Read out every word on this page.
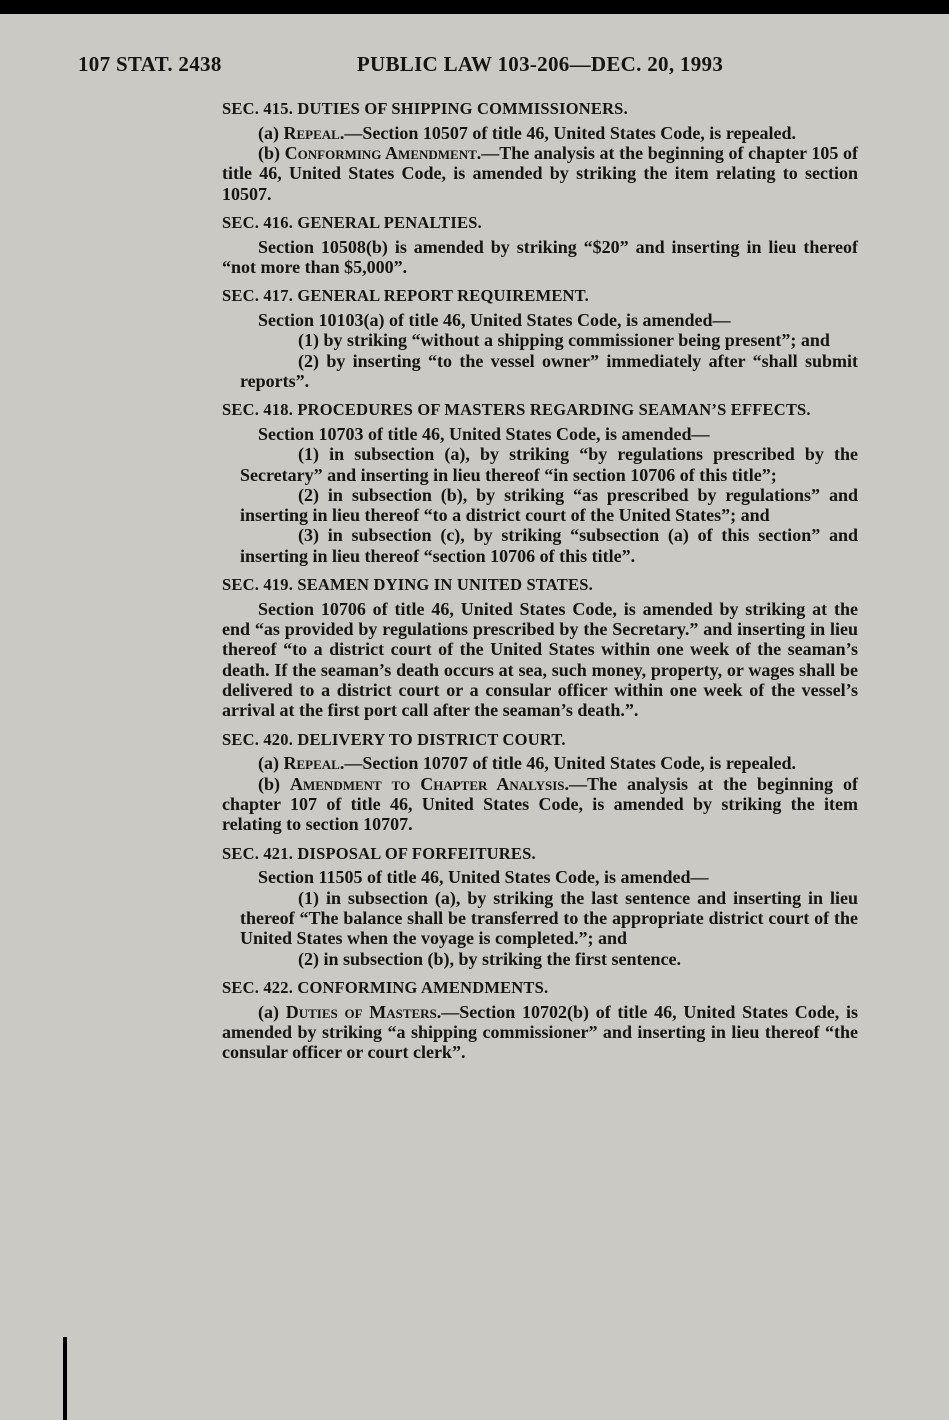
107 STAT. 2438	PUBLIC LAW 103-206—DEC. 20, 1993
SEC. 415. DUTIES OF SHIPPING COMMISSIONERS.

(a) Repeal.—Section 10507 of title 46, United States Code, is repealed.

(b) Conforming Amendment.—The analysis at the beginning of chapter 105 of title 46, United States Code, is amended by striking the item relating to section 10507.

SEC. 416. GENERAL PENALTIES.

Section 10508(b) is amended by striking “$20” and inserting in lieu thereof “not more than $5,000”.

SEC. 417. GENERAL REPORT REQUIREMENT.

Section 10103(a) of title 46, United States Code, is amended—

(1) by striking “without a shipping commissioner being present”; and

(2) by inserting “to the vessel owner” immediately after “shall submit reports”.

SEC. 418. PROCEDURES OF MASTERS REGARDING SEAMAN’S EFFECTS.

Section 10703 of title 46, United States Code, is amended—

(1) in subsection (a), by striking “by regulations prescribed by the Secretary” and inserting in lieu thereof “in section 10706 of this title”;

(2) in subsection (b), by striking “as prescribed by regulations” and inserting in lieu thereof “to a district court of the United States”; and

(3) in subsection (c), by striking “subsection (a) of this section” and inserting in lieu thereof “section 10706 of this title”.

SEC. 419. SEAMEN DYING IN UNITED STATES.

Section 10706 of title 46, United States Code, is amended by striking at the end “as provided by regulations prescribed by the Secretary.” and inserting in lieu thereof “to a district court of the United States within one week of the seaman’s death. If the seaman’s death occurs at sea, such money, property, or wages shall be delivered to a district court or a consular officer within one week of the vessel’s arrival at the first port call after the seaman’s death.”.

SEC. 420. DELIVERY TO DISTRICT COURT.

(a) Repeal.—Section 10707 of title 46, United States Code, is repealed.

(b) Amendment to Chapter Analysis.—The analysis at the beginning of chapter 107 of title 46, United States Code, is amended by striking the item relating to section 10707.

SEC. 421. DISPOSAL OF FORFEITURES.

Section 11505 of title 46, United States Code, is amended—

(1) in subsection (a), by striking the last sentence and inserting in lieu thereof “The balance shall be transferred to the appropriate district court of the United States when the voyage is completed.”; and

(2) in subsection (b), by striking the first sentence.

SEC. 422. CONFORMING AMENDMENTS.

(a) Duties of Masters.—Section 10702(b) of title 46, United States Code, is amended by striking “a shipping commissioner” and inserting in lieu thereof “the consular officer or court clerk”.
